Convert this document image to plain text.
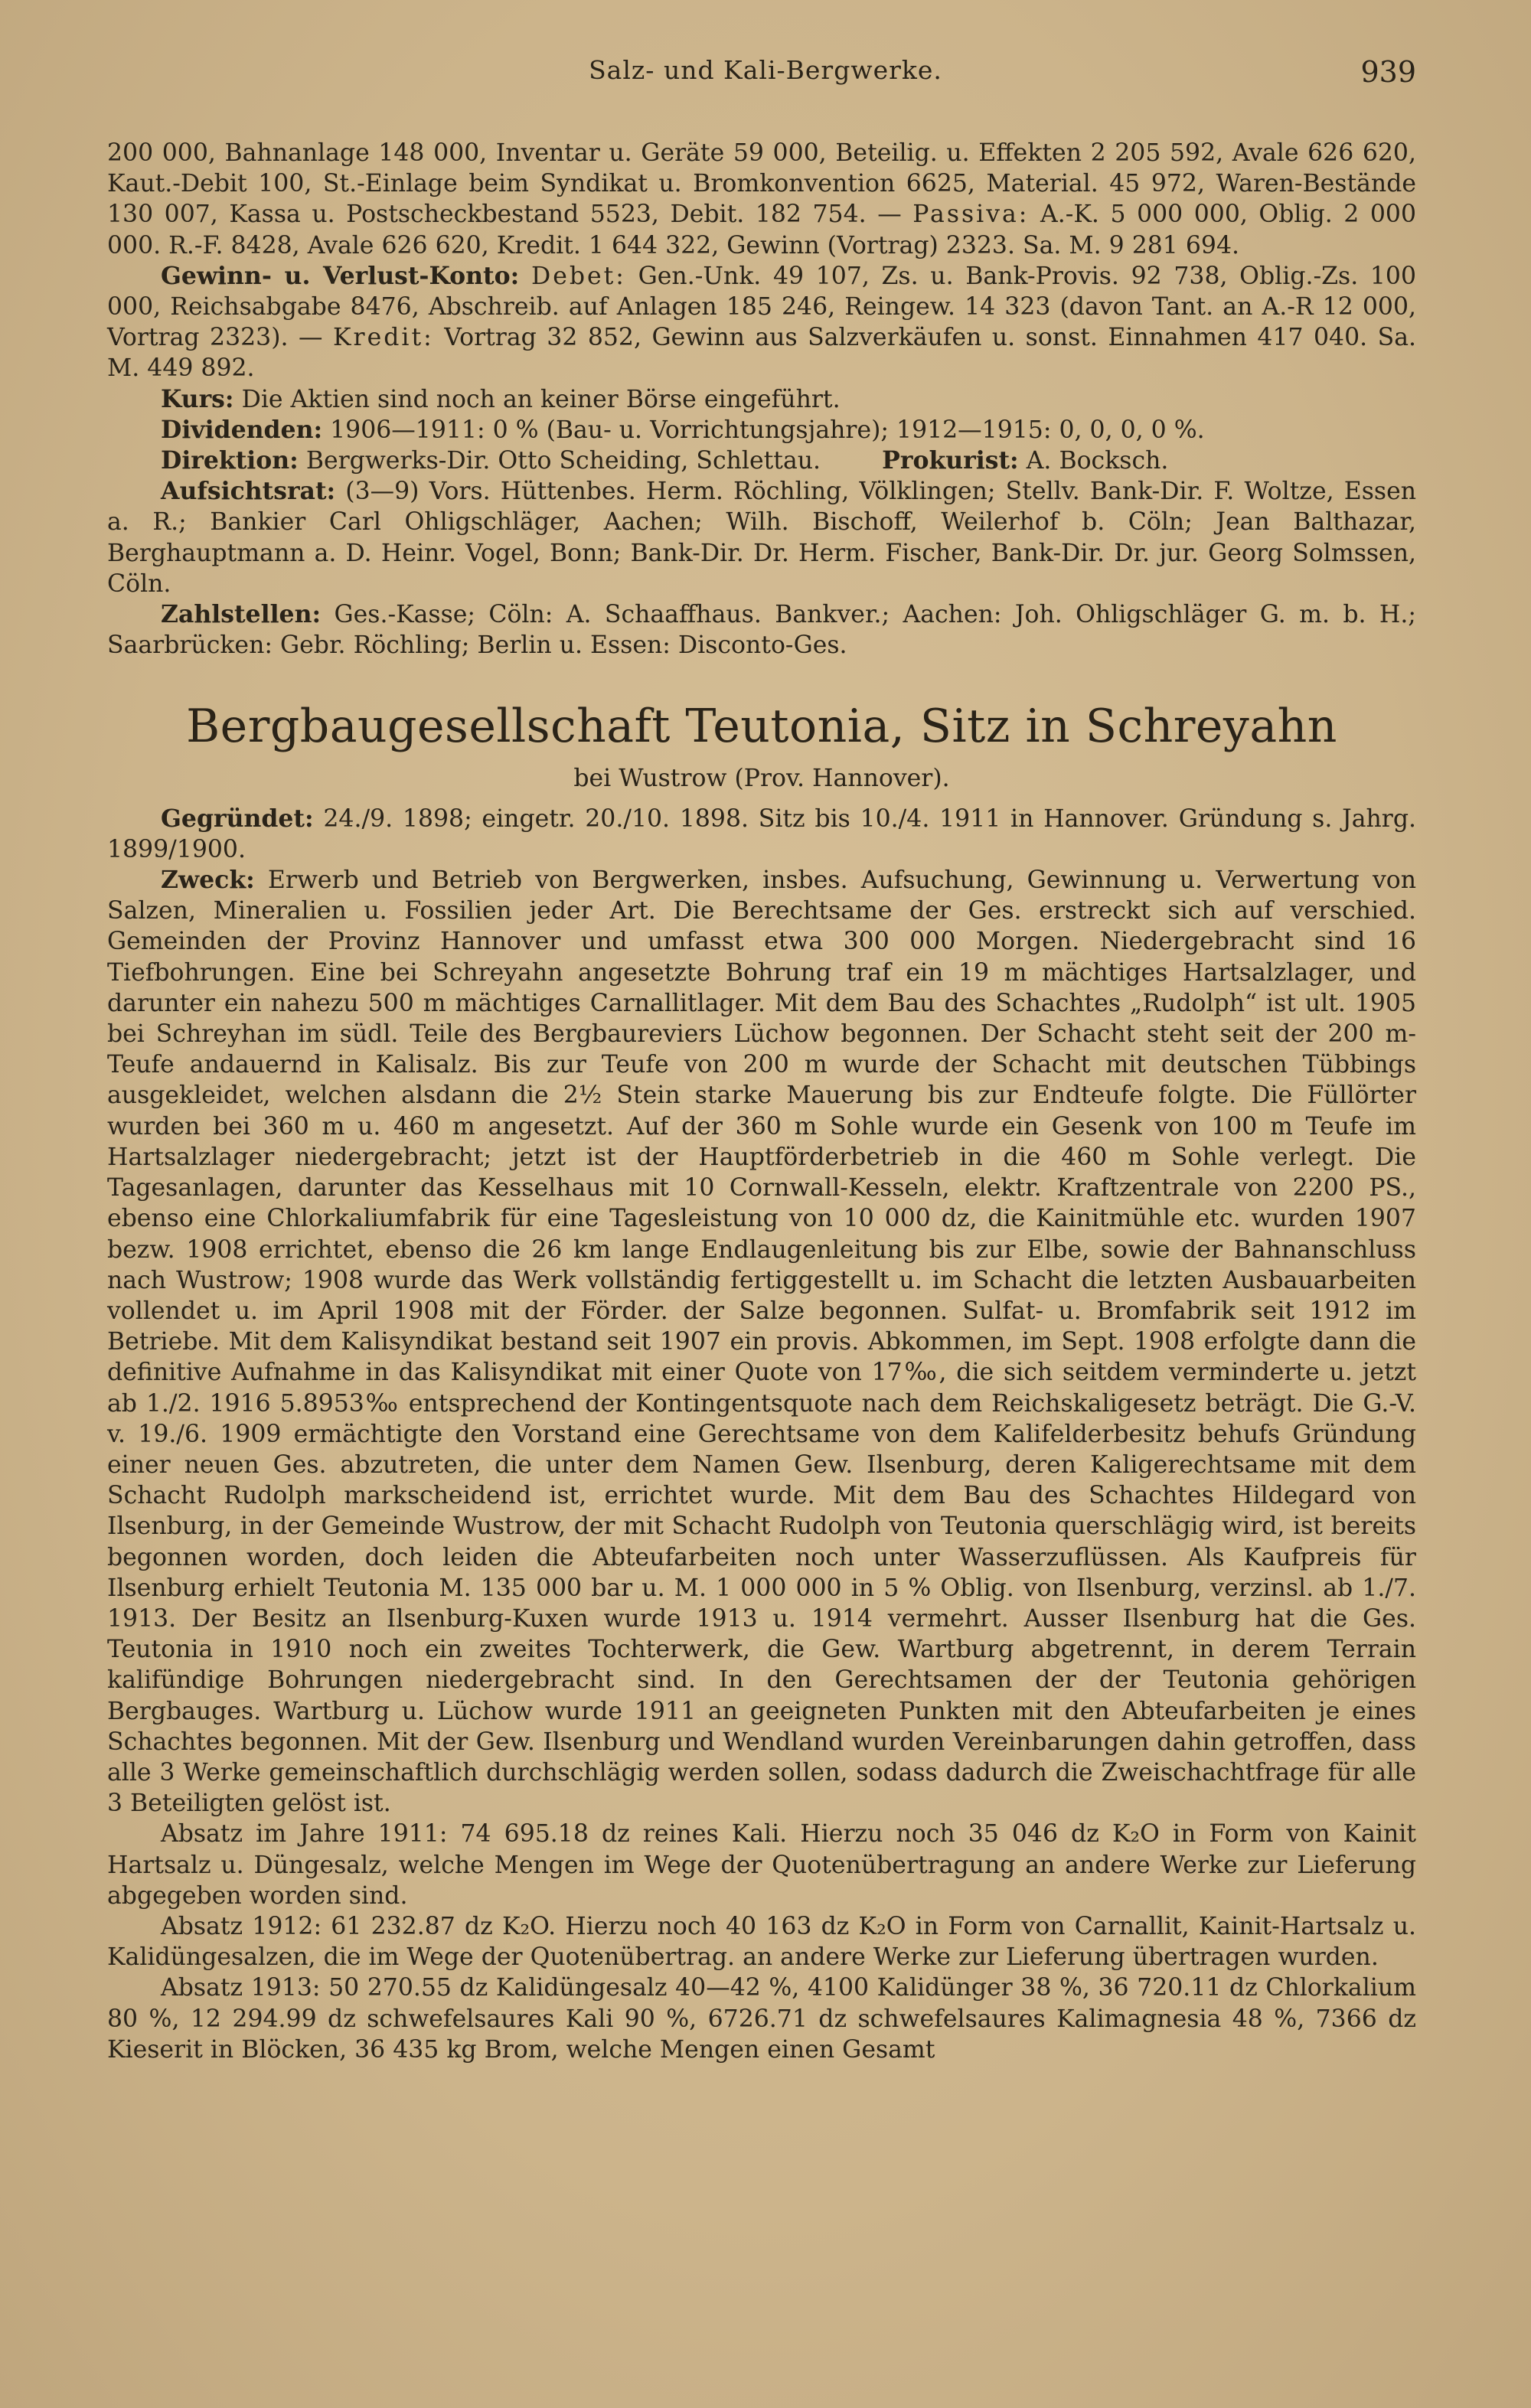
Salz- und Kali-Bergwerke.	939

200 000, Bahnanlage 148 000, Inventar u. Geräte 59 000, Beteilig. u. Effekten 2 205 592, Avale 626 620, Kaut.-Debit 100, St.-Einlage beim Syndikat u. Bromkonvention 6625, Material. 45 972, Waren-Bestände 130 007, Kassa u. Postscheckbestand 5523, Debit. 182 754. — Passiva: A.-K. 5 000 000, Oblig. 2 000 000. R.-F. 8428, Avale 626 620, Kredit. 1 644 322, Gewinn (Vortrag) 2323. Sa. M. 9 281 694.

Gewinn- u. Verlust-Konto: Debet: Gen.-Unk. 49 107, Zs. u. Bank-Provis. 92 738, Oblig.-Zs. 100 000, Reichsabgabe 8476, Abschreib. auf Anlagen 185 246, Reingew. 14 323 (davon Tant. an A.-R 12 000, Vortrag 2323). — Kredit: Vortrag 32 852, Gewinn aus Salzverkäufen u. sonst. Einnahmen 417 040. Sa. M. 449 892.

Kurs: Die Aktien sind noch an keiner Börse eingeführt.

Dividenden: 1906—1911: 0 % (Bau- u. Vorrichtungsjahre); 1912—1915: 0, 0, 0, 0 %.

Direktion: Bergwerks-Dir. Otto Scheiding, Schlettau.	Prokurist: A. Bocksch.

Aufsichtsrat: (3—9) Vors. Hüttenbes. Herm. Röchling, Völklingen; Stellv. Bank-Dir. F. Woltze, Essen a. R.; Bankier Carl Ohligschläger, Aachen; Wilh. Bischoff, Weilerhof b. Cöln; Jean Balthazar, Berghauptmann a. D. Heinr. Vogel, Bonn; Bank-Dir. Dr. Herm. Fischer, Bank-Dir. Dr. jur. Georg Solmssen, Cöln.

Zahlstellen: Ges.-Kasse; Cöln: A. Schaaffhaus. Bankver.; Aachen: Joh. Ohligschläger G. m. b. H.; Saarbrücken: Gebr. Röchling; Berlin u. Essen: Disconto-Ges.

Bergbaugesellschaft Teutonia, Sitz in Schreyahn
bei Wustrow (Prov. Hannover).

Gegründet: 24./9. 1898; eingetr. 20./10. 1898. Sitz bis 10./4. 1911 in Hannover. Gründung s. Jahrg. 1899/1900.

Zweck: Erwerb und Betrieb von Bergwerken, insbes. Aufsuchung, Gewinnung u. Verwertung von Salzen, Mineralien u. Fossilien jeder Art. Die Berechtsame der Ges. erstreckt sich auf verschied. Gemeinden der Provinz Hannover und umfasst etwa 300 000 Morgen. Niedergebracht sind 16 Tiefbohrungen. Eine bei Schreyahn angesetzte Bohrung traf ein 19 m mächtiges Hartsalzlager, und darunter ein nahezu 500 m mächtiges Carnallitlager. Mit dem Bau des Schachtes „Rudolph“ ist ult. 1905 bei Schreyhan im südl. Teile des Bergbaureviers Lüchow begonnen. Der Schacht steht seit der 200 m-Teufe andauernd in Kalisalz. Bis zur Teufe von 200 m wurde der Schacht mit deutschen Tübbings ausgekleidet, welchen alsdann die 2½ Stein starke Mauerung bis zur Endteufe folgte. Die Füllörter wurden bei 360 m u. 460 m angesetzt. Auf der 360 m Sohle wurde ein Gesenk von 100 m Teufe im Hartsalzlager niedergebracht; jetzt ist der Hauptförderbetrieb in die 460 m Sohle verlegt. Die Tagesanlagen, darunter das Kesselhaus mit 10 Cornwall-Kesseln, elektr. Kraftzentrale von 2200 PS., ebenso eine Chlorkaliumfabrik für eine Tagesleistung von 10 000 dz, die Kainitmühle etc. wurden 1907 bezw. 1908 errichtet, ebenso die 26 km lange Endlaugenleitung bis zur Elbe, sowie der Bahnanschluss nach Wustrow; 1908 wurde das Werk vollständig fertiggestellt u. im Schacht die letzten Ausbauarbeiten vollendet u. im April 1908 mit der Förder. der Salze begonnen. Sulfat- u. Bromfabrik seit 1912 im Betriebe. Mit dem Kalisyndikat bestand seit 1907 ein provis. Abkommen, im Sept. 1908 erfolgte dann die definitive Aufnahme in das Kalisyndikat mit einer Quote von 17‰, die sich seitdem verminderte u. jetzt ab 1./2. 1916 5.8953‰ entsprechend der Kontingentsquote nach dem Reichskaligesetz beträgt. Die G.-V. v. 19./6. 1909 ermächtigte den Vorstand eine Gerechtsame von dem Kalifelderbesitz behufs Gründung einer neuen Ges. abzutreten, die unter dem Namen Gew. Ilsenburg, deren Kaligerechtsame mit dem Schacht Rudolph markscheidend ist, errichtet wurde. Mit dem Bau des Schachtes Hildegard von Ilsenburg, in der Gemeinde Wustrow, der mit Schacht Rudolph von Teutonia querschlägig wird, ist bereits begonnen worden, doch leiden die Abteufarbeiten noch unter Wasserzuflüssen. Als Kaufpreis für Ilsenburg erhielt Teutonia M. 135 000 bar u. M. 1 000 000 in 5 % Oblig. von Ilsenburg, verzinsl. ab 1./7. 1913. Der Besitz an Ilsenburg-Kuxen wurde 1913 u. 1914 vermehrt. Ausser Ilsenburg hat die Ges. Teutonia in 1910 noch ein zweites Tochterwerk, die Gew. Wartburg abgetrennt, in derem Terrain kalifündige Bohrungen niedergebracht sind. In den Gerechtsamen der der Teutonia gehörigen Bergbauges. Wartburg u. Lüchow wurde 1911 an geeigneten Punkten mit den Abteufarbeiten je eines Schachtes begonnen. Mit der Gew. Ilsenburg und Wendland wurden Vereinbarungen dahin getroffen, dass alle 3 Werke gemeinschaftlich durchschlägig werden sollen, sodass dadurch die Zweischachtfrage für alle 3 Beteiligten gelöst ist.

Absatz im Jahre 1911: 74 695.18 dz reines Kali. Hierzu noch 35 046 dz K₂O in Form von Kainit Hartsalz u. Düngesalz, welche Mengen im Wege der Quotenübertragung an andere Werke zur Lieferung abgegeben worden sind.

Absatz 1912: 61 232.87 dz K₂O. Hierzu noch 40 163 dz K₂O in Form von Carnallit, Kainit-Hartsalz u. Kalidüngesalzen, die im Wege der Quotenübertrag. an andere Werke zur Lieferung übertragen wurden.

Absatz 1913: 50 270.55 dz Kalidüngesalz 40—42 %, 4100 Kalidünger 38 %, 36 720.11 dz Chlorkalium 80 %, 12 294.99 dz schwefelsaures Kali 90 %, 6726.71 dz schwefelsaures Kalimagnesia 48 %, 7366 dz Kieserit in Blöcken, 36 435 kg Brom, welche Mengen einen Gesamt
